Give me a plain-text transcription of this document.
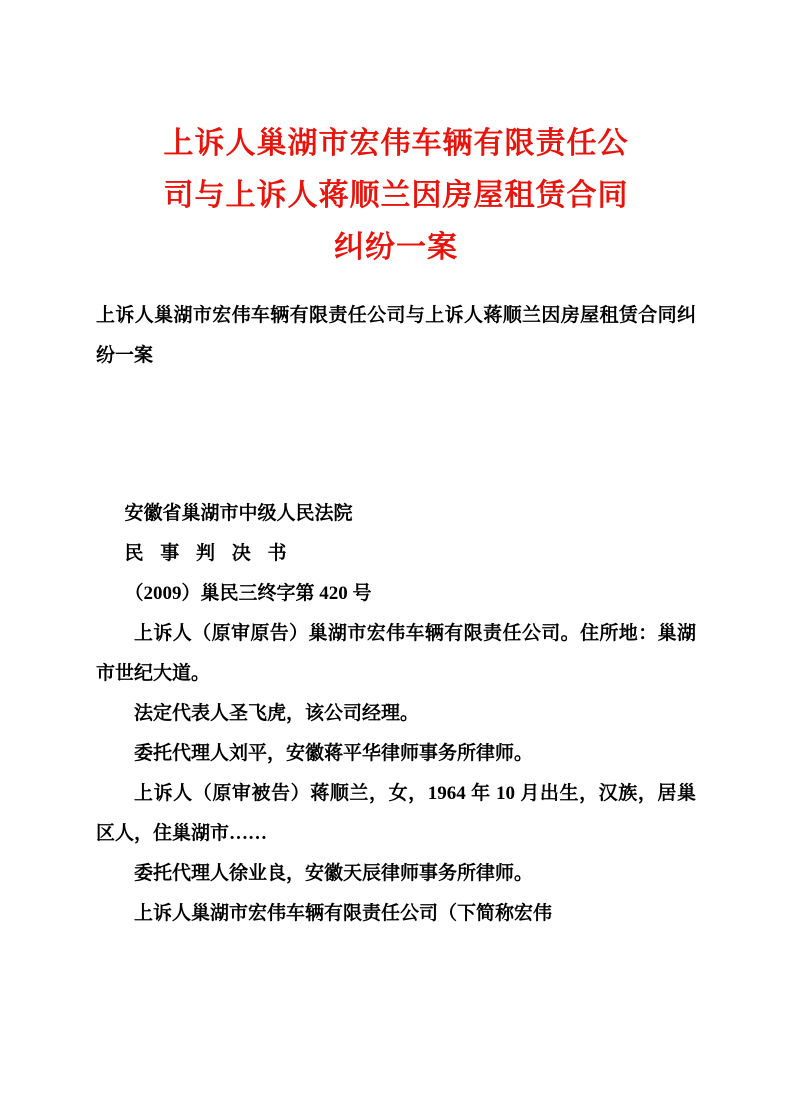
上诉人巢湖市宏伟车辆有限责任公
司与上诉人蒋顺兰因房屋租赁合同
纠纷一案

上诉人巢湖市宏伟车辆有限责任公司与上诉人蒋顺兰因房屋租赁合同纠纷一案

安徽省巢湖市中级人民法院

民 事 判 决 书

（2009）巢民三终字第 420 号

上诉人（原审原告）巢湖市宏伟车辆有限责任公司。住所地：巢湖市世纪大道。

法定代表人圣飞虎，该公司经理。

委托代理人刘平，安徽蒋平华律师事务所律师。

上诉人（原审被告）蒋顺兰，女，1964 年 10 月出生，汉族，居巢区人，住巢湖市……

委托代理人徐业良，安徽天辰律师事务所律师。

上诉人巢湖市宏伟车辆有限责任公司（下简称宏伟
